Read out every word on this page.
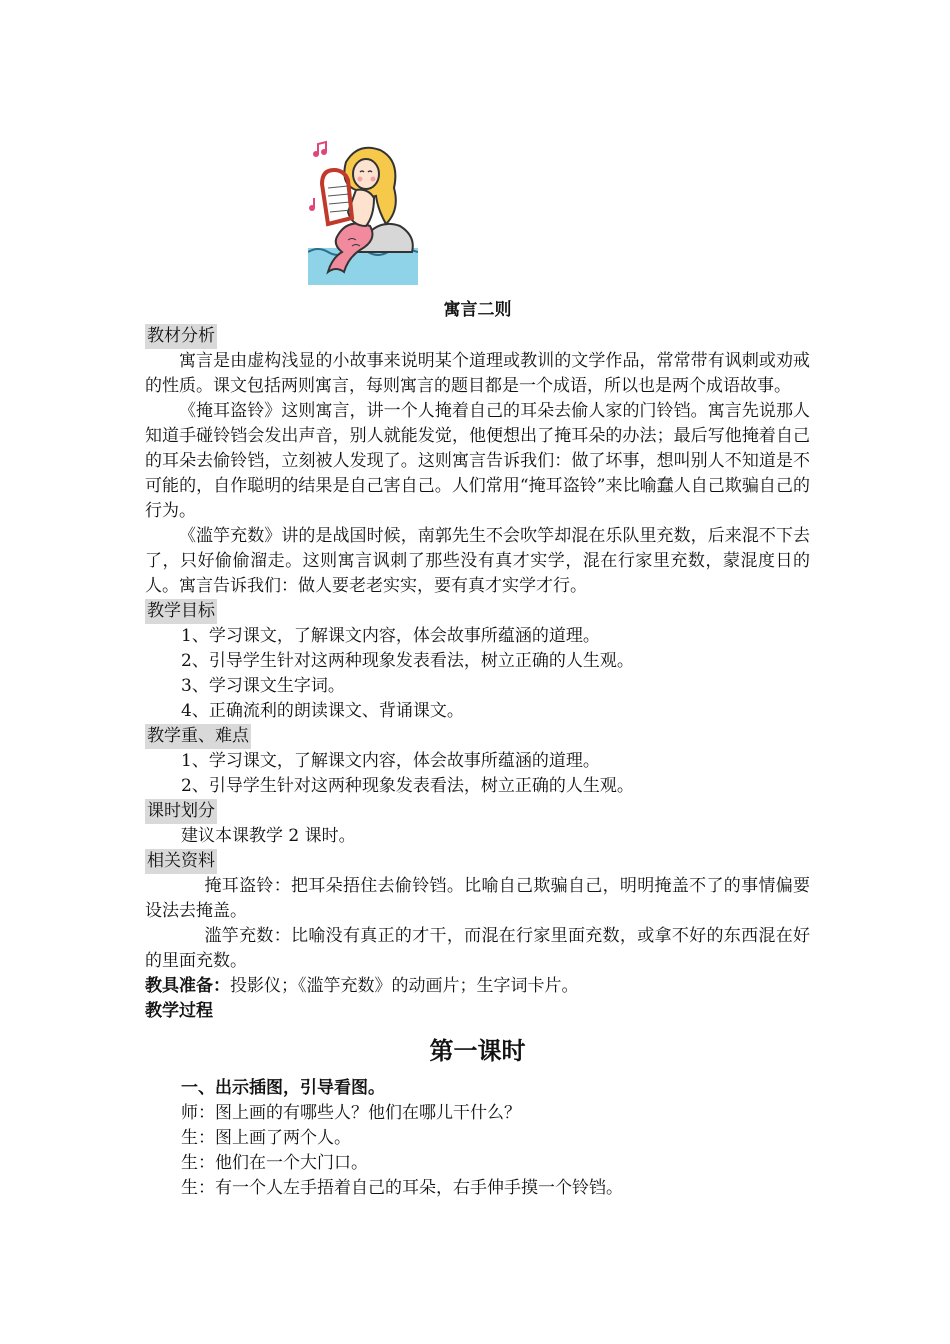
寓言二则
教材分析

寓言是由虚构浅显的小故事来说明某个道理或教训的文学作品，常常带有讽刺或劝戒的性质。课文包括两则寓言，每则寓言的题目都是一个成语，所以也是两个成语故事。

《掩耳盗铃》这则寓言，讲一个人掩着自己的耳朵去偷人家的门铃铛。寓言先说那人知道手碰铃铛会发出声音，别人就能发觉，他便想出了掩耳朵的办法；最后写他掩着自己的耳朵去偷铃铛，立刻被人发现了。这则寓言告诉我们：做了坏事，想叫别人不知道是不可能的，自作聪明的结果是自己害自己。人们常用“掩耳盗铃”来比喻蠢人自己欺骗自己的行为。

《滥竽充数》讲的是战国时候，南郭先生不会吹竽却混在乐队里充数，后来混不下去了，只好偷偷溜走。这则寓言讽刺了那些没有真才实学，混在行家里充数，蒙混度日的人。寓言告诉我们：做人要老老实实，要有真才实学才行。

教学目标

1、学习课文，了解课文内容，体会故事所蕴涵的道理。

2、引导学生针对这两种现象发表看法，树立正确的人生观。

3、学习课文生字词。

4、正确流利的朗读课文、背诵课文。

教学重、难点

1、学习课文，了解课文内容，体会故事所蕴涵的道理。

2、引导学生针对这两种现象发表看法，树立正确的人生观。

课时划分

建议本课教学 2 课时。

相关资料

掩耳盗铃：把耳朵捂住去偷铃铛。比喻自己欺骗自己，明明掩盖不了的事情偏要设法去掩盖。

滥竽充数：比喻没有真正的才干，而混在行家里面充数，或拿不好的东西混在好的里面充数。

教具准备：投影仪；《滥竽充数》的动画片；生字词卡片。

教学过程

第一课时

一、出示插图，引导看图。

师：图上画的有哪些人？他们在哪儿干什么？

生：图上画了两个人。

生：他们在一个大门口。

生：有一个人左手捂着自己的耳朵，右手伸手摸一个铃铛。
